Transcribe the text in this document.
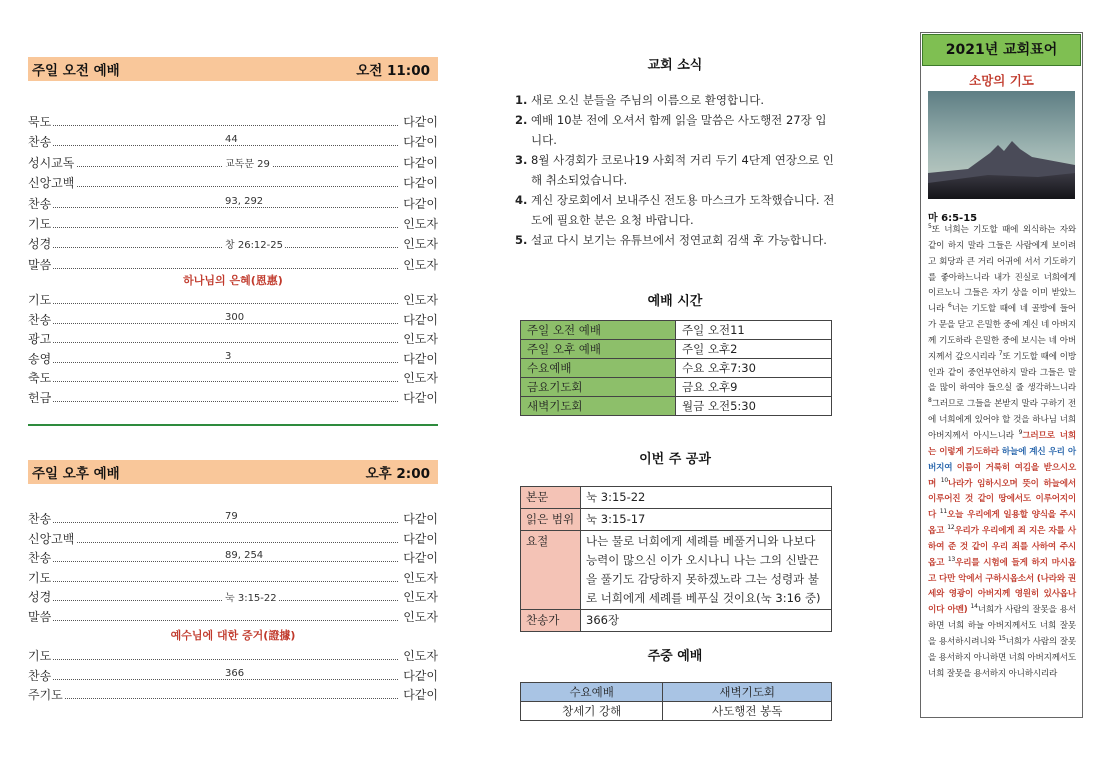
주일 오전 예배	오전 11:00
묵도	다같이
찬송	44	다같이
성시교독	교독문 29	다같이
신앙고백	다같이
찬송	93, 292	다같이
기도	인도자
성경	창 26:12-25	인도자
말씀	인도자
하나님의 은혜(恩惠)
기도	인도자
찬송	300	다같이
광고	인도자
송영	3	다같이
축도	인도자
헌금	다같이
주일 오후 예배	오후 2:00
찬송	79	다같이
신앙고백	다같이
찬송	89, 254	다같이
기도	인도자
성경	눅 3:15-22	인도자
말씀	인도자
예수님에 대한 증거(證據)
기도	인도자
찬송	366	다같이
주기도	다같이
교회 소식
1. 새로 오신 분들을 주님의 이름으로 환영합니다.
2. 예배 10분 전에 오셔서 함께 읽을 말씀은 사도행전 27장 입니다.
3. 8월 사경회가 코로나19 사회적 거리 두기 4단계 연장으로 인해 취소되었습니다.
4. 계신 장로회에서 보내주신 전도용 마스크가 도착했습니다. 전도에 필요한 분은 요청 바랍니다.
5. 설교 다시 보기는 유튜브에서 정연교회 검색 후 가능합니다.
예배 시간
주일 오전 예배	주일 오전11
주일 오후 예배	주일 오후2
수요예배	수요 오후7:30
금요기도회	금요 오후9
새벽기도회	월금 오전5:30
이번 주 공과
본문	눅 3:15-22
읽은 범위	눅 3:15-17
요절	나는 물로 너희에게 세례를 베풀거니와 나보다 능력이 많으신 이가 오시나니 나는 그의 신발끈을 풀기도 감당하지 못하겠노라 그는 성령과 불로 너희에게 세례를 베푸실 것이요(눅 3:16 중)
찬송가	366장
주중 예배
수요예배	새벽기도회
창세기 강해	사도행전 봉독
2021년 교회표어
소망의 기도
마 6:5-15
$^5$또 너희는 기도할 때에 외식하는 자와 같이 하지 말라 그들은 사람에게 보이려고 회당과 큰 거리 어귀에 서서 기도하기를 좋아하느니라 내가 진실로 너희에게 이르노니 그들은 자기 상을 이미 받았느니라 $^6$너는 기도할 때에 네 골방에 들어가 문을 닫고 은밀한 중에 계신 네 아버지께 기도하라 은밀한 중에 보시는 네 아버지께서 갚으시리라 $^7$또 기도할 때에 이방인과 같이 중언부언하지 말라 그들은 말을 많이 하여야 들으실 줄 생각하느니라 $^8$그러므로 그들을 본받지 말라 구하기 전에 너희에게 있어야 할 것을 하나님 너희 아버지께서 아시느니라 $^9$그러므로 너희는 이렇게 기도하라 하늘에 계신 우리 아버지여 이름이 거룩히 여김을 받으시오며 $^{10}$나라가 임하시오며 뜻이 하늘에서 이루어진 것 같이 땅에서도 이루어지이다 $^{11}$오늘 우리에게 일용할 양식을 주시옵고 $^{12}$우리가 우리에게 죄 지은 자를 사하여 준 것 같이 우리 죄를 사하여 주시옵고 $^{13}$우리를 시험에 들게 하지 마시옵고 다만 악에서 구하시옵소서 (나라와 권세와 영광이 아버지께 영원히 있사옵나이다 아멘) $^{14}$너희가 사람의 잘못을 용서하면 너희 하늘 아버지께서도 너희 잘못을 용서하시려니와 $^{15}$너희가 사람의 잘못을 용서하지 아니하면 너희 아버지께서도 너희 잘못을 용서하지 아니하시리라
